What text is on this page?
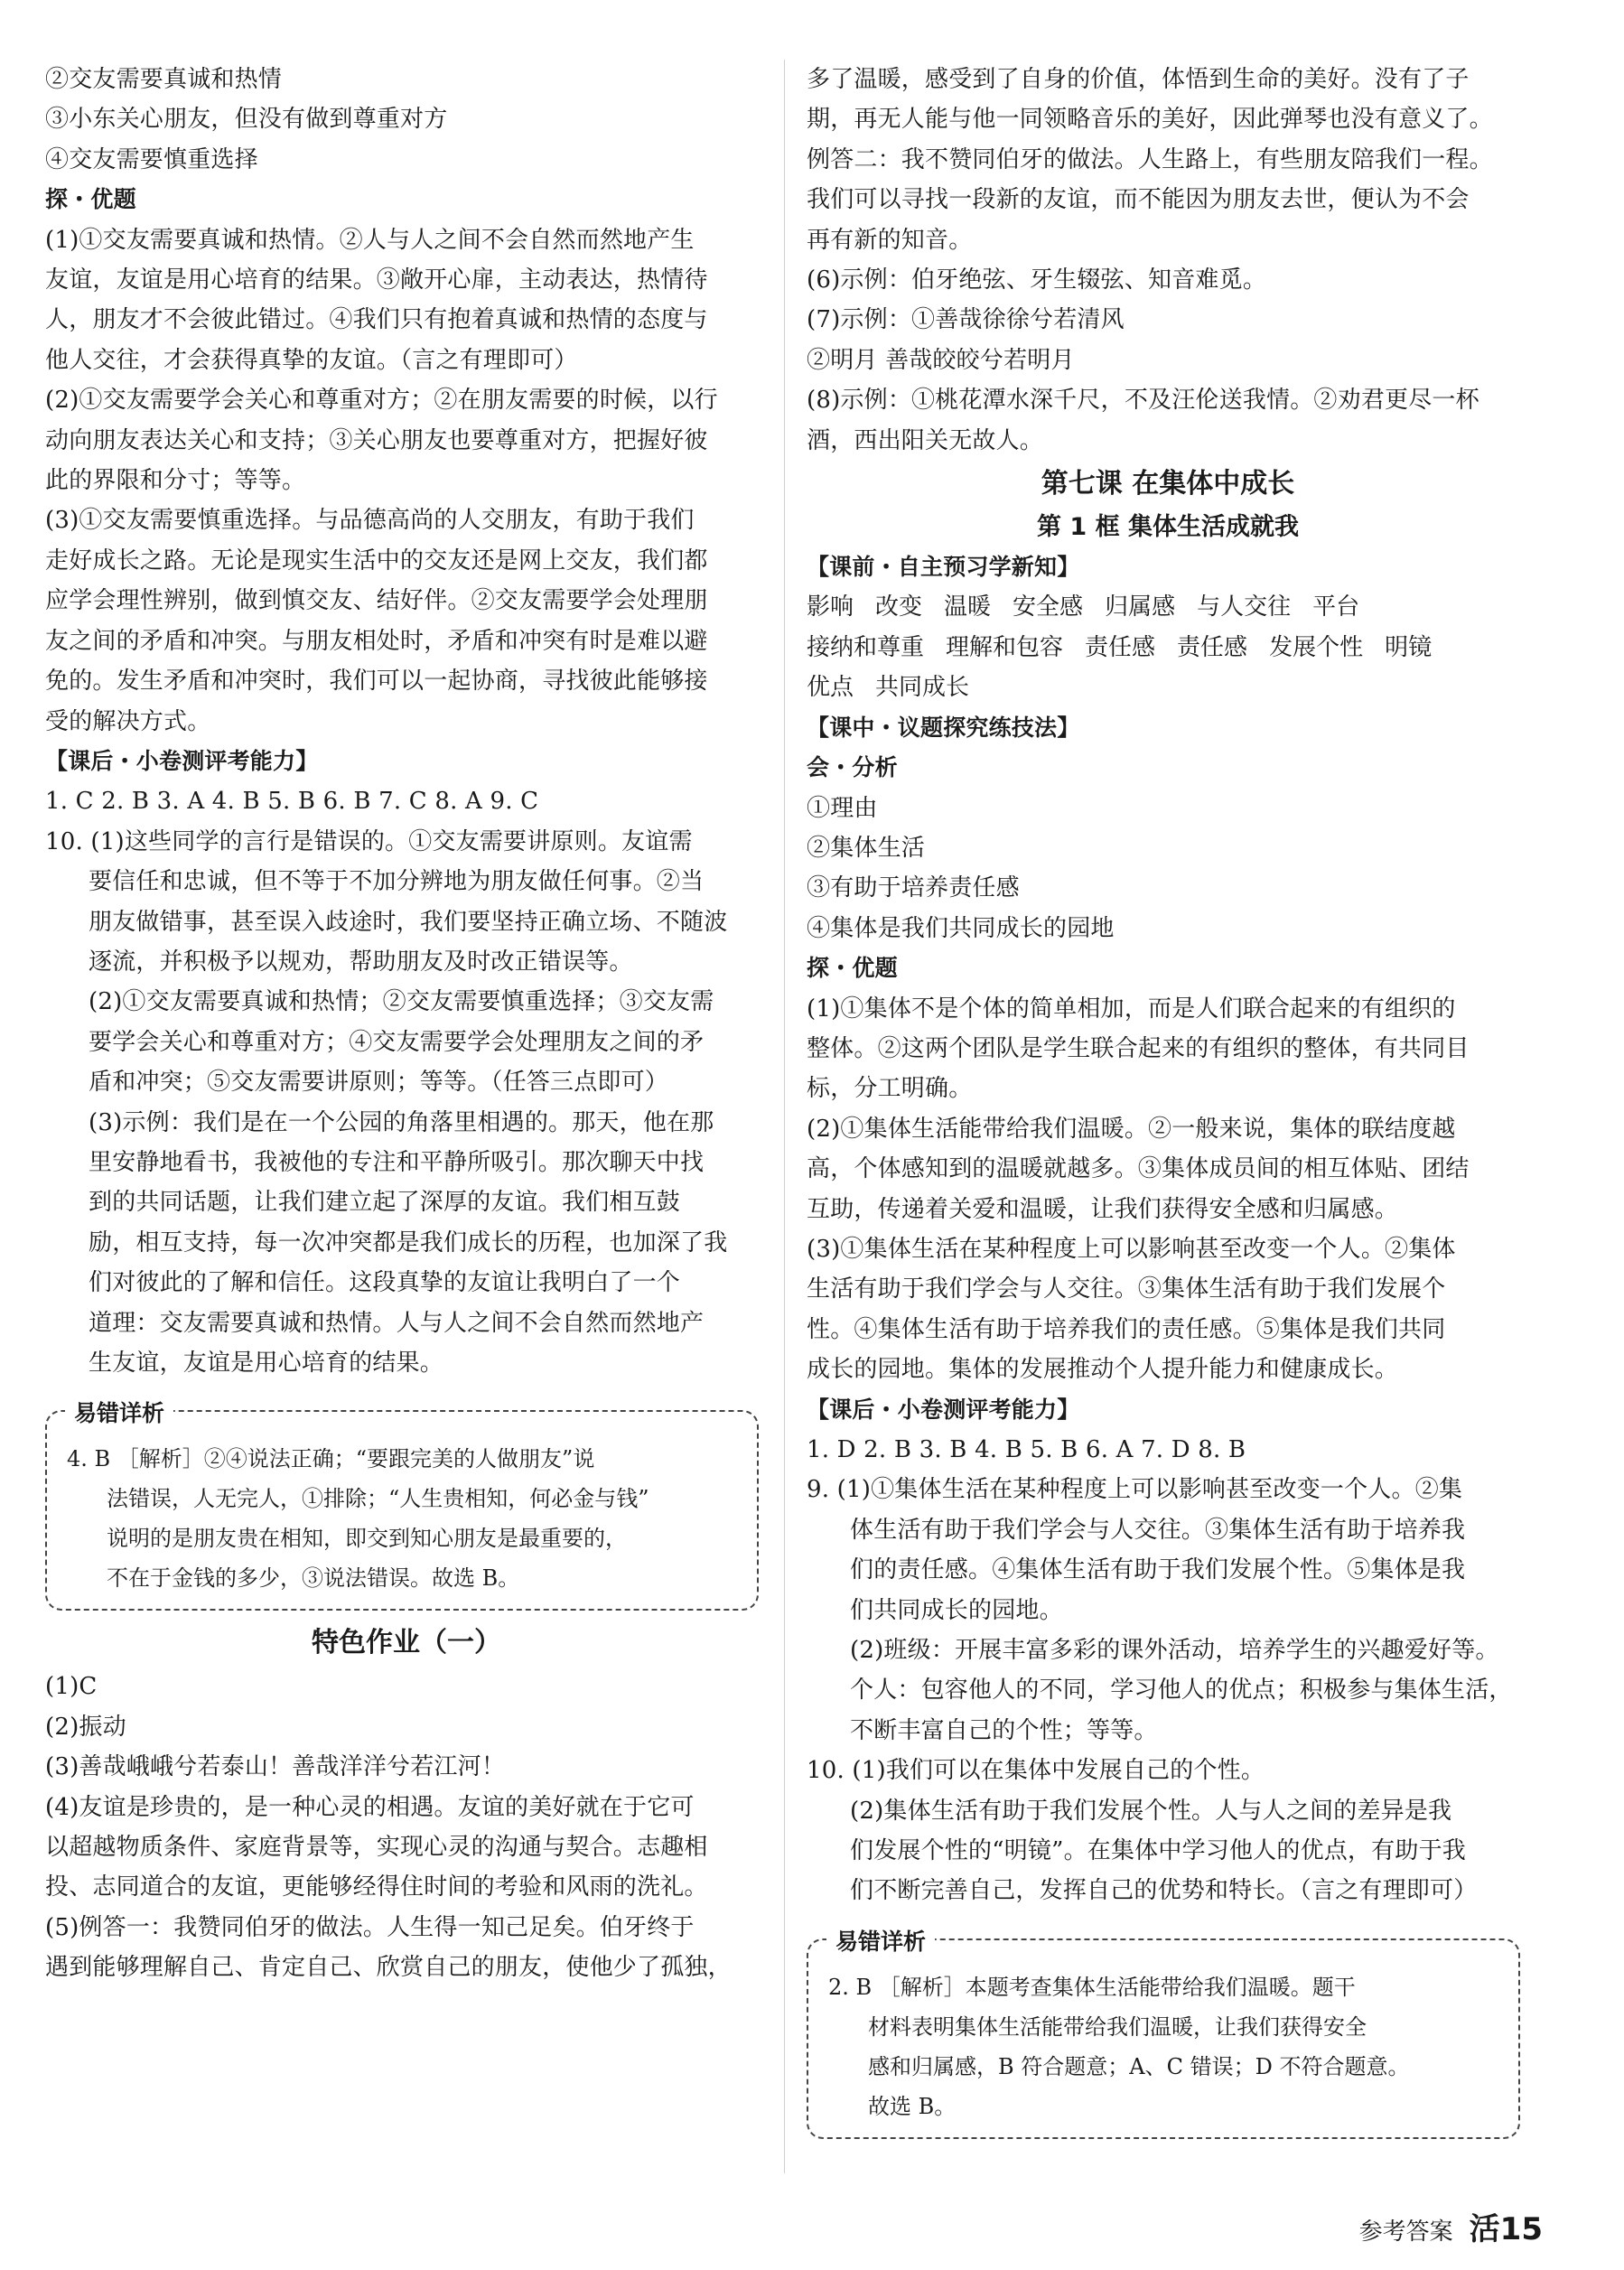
②交友需要真诚和热情
③小东关心朋友，但没有做到尊重对方
④交友需要慎重选择
探・优题
(1)①交友需要真诚和热情。②人与人之间不会自然而然地产生
友谊，友谊是用心培育的结果。③敞开心扉，主动表达，热情待
人，朋友才不会彼此错过。④我们只有抱着真诚和热情的态度与
他人交往，才会获得真挚的友谊。（言之有理即可）
(2)①交友需要学会关心和尊重对方；②在朋友需要的时候，以行
动向朋友表达关心和支持；③关心朋友也要尊重对方，把握好彼
此的界限和分寸；等等。
(3)①交友需要慎重选择。与品德高尚的人交朋友，有助于我们
走好成长之路。无论是现实生活中的交友还是网上交友，我们都
应学会理性辨别，做到慎交友、结好伴。②交友需要学会处理朋
友之间的矛盾和冲突。与朋友相处时，矛盾和冲突有时是难以避
免的。发生矛盾和冲突时，我们可以一起协商，寻找彼此能够接
受的解决方式。
【课后・小卷测评考能力】
1. C 2. B 3. A 4. B 5. B 6. B 7. C 8. A 9. C
10. (1)这些同学的言行是错误的。①交友需要讲原则。友谊需
要信任和忠诚，但不等于不加分辨地为朋友做任何事。②当
朋友做错事，甚至误入歧途时，我们要坚持正确立场、不随波
逐流，并积极予以规劝，帮助朋友及时改正错误等。
(2)①交友需要真诚和热情；②交友需要慎重选择；③交友需
要学会关心和尊重对方；④交友需要学会处理朋友之间的矛
盾和冲突；⑤交友需要讲原则；等等。（任答三点即可）
(3)示例：我们是在一个公园的角落里相遇的。那天，他在那
里安静地看书，我被他的专注和平静所吸引。那次聊天中找
到的共同话题，让我们建立起了深厚的友谊。我们相互鼓
励，相互支持，每一次冲突都是我们成长的历程，也加深了我
们对彼此的了解和信任。这段真挚的友谊让我明白了一个
道理：交友需要真诚和热情。人与人之间不会自然而然地产
生友谊，友谊是用心培育的结果。
易错详析
4. B ［解析］②④说法正确；“要跟完美的人做朋友”说
法错误，人无完人，①排除；“人生贵相知，何必金与钱”
说明的是朋友贵在相知，即交到知心朋友是最重要的，
不在于金钱的多少，③说法错误。故选 B。
特色作业（一）
(1)C
(2)振动
(3)善哉峨峨兮若泰山！善哉洋洋兮若江河！
(4)友谊是珍贵的，是一种心灵的相遇。友谊的美好就在于它可
以超越物质条件、家庭背景等，实现心灵的沟通与契合。志趣相
投、志同道合的友谊，更能够经得住时间的考验和风雨的洗礼。
(5)例答一：我赞同伯牙的做法。人生得一知己足矣。伯牙终于
遇到能够理解自己、肯定自己、欣赏自己的朋友，使他少了孤独，
多了温暖，感受到了自身的价值，体悟到生命的美好。没有了子
期，再无人能与他一同领略音乐的美好，因此弹琴也没有意义了。
例答二：我不赞同伯牙的做法。人生路上，有些朋友陪我们一程。
我们可以寻找一段新的友谊，而不能因为朋友去世，便认为不会
再有新的知音。
(6)示例：伯牙绝弦、牙生辍弦、知音难觅。
(7)示例：①善哉徐徐兮若清风
②明月 善哉皎皎兮若明月
(8)示例：①桃花潭水深千尺，不及汪伦送我情。②劝君更尽一杯
酒，西出阳关无故人。
第七课 在集体中成长
第 1 框 集体生活成就我
【课前・自主预习学新知】
影响 改变 温暖 安全感 归属感 与人交往 平台
接纳和尊重 理解和包容 责任感 责任感 发展个性 明镜
优点 共同成长
【课中・议题探究练技法】
会・分析
①理由
②集体生活
③有助于培养责任感
④集体是我们共同成长的园地
探・优题
(1)①集体不是个体的简单相加，而是人们联合起来的有组织的
整体。②这两个团队是学生联合起来的有组织的整体，有共同目
标，分工明确。
(2)①集体生活能带给我们温暖。②一般来说，集体的联结度越
高，个体感知到的温暖就越多。③集体成员间的相互体贴、团结
互助，传递着关爱和温暖，让我们获得安全感和归属感。
(3)①集体生活在某种程度上可以影响甚至改变一个人。②集体
生活有助于我们学会与人交往。③集体生活有助于我们发展个
性。④集体生活有助于培养我们的责任感。⑤集体是我们共同
成长的园地。集体的发展推动个人提升能力和健康成长。
【课后・小卷测评考能力】
1. D 2. B 3. B 4. B 5. B 6. A 7. D 8. B
9. (1)①集体生活在某种程度上可以影响甚至改变一个人。②集
体生活有助于我们学会与人交往。③集体生活有助于培养我
们的责任感。④集体生活有助于我们发展个性。⑤集体是我
们共同成长的园地。
(2)班级：开展丰富多彩的课外活动，培养学生的兴趣爱好等。
个人：包容他人的不同，学习他人的优点；积极参与集体生活，
不断丰富自己的个性；等等。
10. (1)我们可以在集体中发展自己的个性。
(2)集体生活有助于我们发展个性。人与人之间的差异是我
们发展个性的“明镜”。在集体中学习他人的优点，有助于我
们不断完善自己，发挥自己的优势和特长。（言之有理即可）
易错详析
2. B ［解析］本题考查集体生活能带给我们温暖。题干
材料表明集体生活能带给我们温暖，让我们获得安全
感和归属感，B 符合题意；A、C 错误；D 不符合题意。
故选 B。
参考答案 活15
